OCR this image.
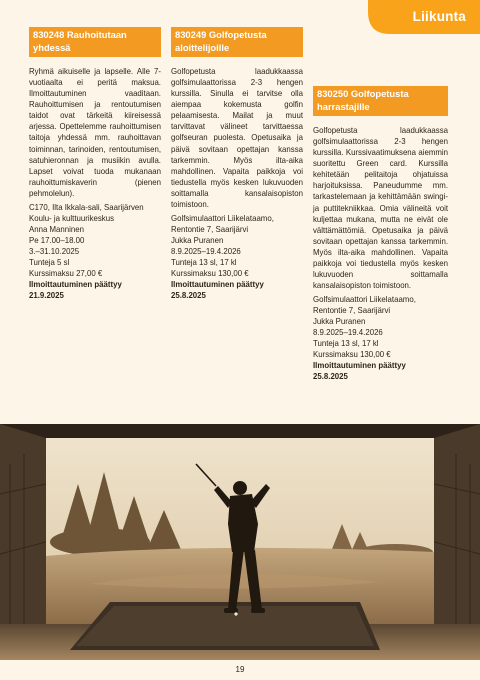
Liikunta
830248 Rauhoitutaan yhdessä

Ryhmä aikuiselle ja lapselle. Alle 7-vuotiaalta ei peritä maksua. Ilmoittautuminen vaaditaan. Rauhoittumisen ja rentoutumisen taidot ovat tärkeitä kiireisessä arjessa. Opettelemme rauhoittumisen taitoja yhdessä mm. rauhoittavan toiminnan, tarinoiden, rentoutumisen, satuhieronnan ja musiikin avulla. Lapset voivat tuoda mukanaan rauhoittumiskaverin (pienen pehmolelun).

C170, Ilta Ikkala-sali, Saarijärven
Koulu- ja kulttuurikeskus
Anna Manninen
Pe 17.00–18.00
3.–31.10.2025
Tunteja 5 sl
Kurssimaksu 27,00 €
Ilmoittautuminen päättyy
21.9.2025
830249 Golfopetusta aloittelijoille

Golfopetusta laadukkaassa golfsimulaattorissa 2-3 hengen kurssilla. Sinulla ei tarvitse olla aiempaa kokemusta golfin pelaamisesta. Mailat ja muut tarvittavat välineet tarvittaessa golfseuran puolesta. Opetusaika ja päivä sovitaan opettajan kanssa tarkemmin. Myös ilta-aika mahdollinen. Vapaita paikkoja voi tiedustella myös kesken lukuvuoden soittamalla kansalaisopiston toimistoon.

Golfsimulaattori Liikelataamo,
Rentontie 7, Saarijärvi
Jukka Puranen
8.9.2025–19.4.2026
Tunteja 13 sl, 17 kl
Kurssimaksu 130,00 €
Ilmoittautuminen päättyy
25.8.2025
830250 Golfopetusta harrastajille

Golfopetusta laadukkaassa golfsimulaattorissa 2-3 hengen kurssilla. Kurssivaatimuksena aiemmin suoritettu Green card. Kurssilla kehitetään pelitaitoja ohjatuissa harjoituksissa. Paneudumme mm. tarkastelemaan ja kehittämään swingi- ja puttitekniikkaa. Omia välineitä voit kuljettaa mukana, mutta ne eivät ole välttämättömiä. Opetusaika ja päivä sovitaan opettajan kanssa tarkemmin. Myös ilta-aika mahdollinen. Vapaita paikkoja voi tiedustella myös kesken lukuvuoden soittamalla kansalaisopiston toimistoon.

Golfsimulaattori Liikelataamo, Rentontie 7, Saarijärvi
Jukka Puranen
8.9.2025–19.4.2026
Tunteja 13 sl, 17 kl
Kurssimaksu 130,00 €
Ilmoittautuminen päättyy
25.8.2025
19
